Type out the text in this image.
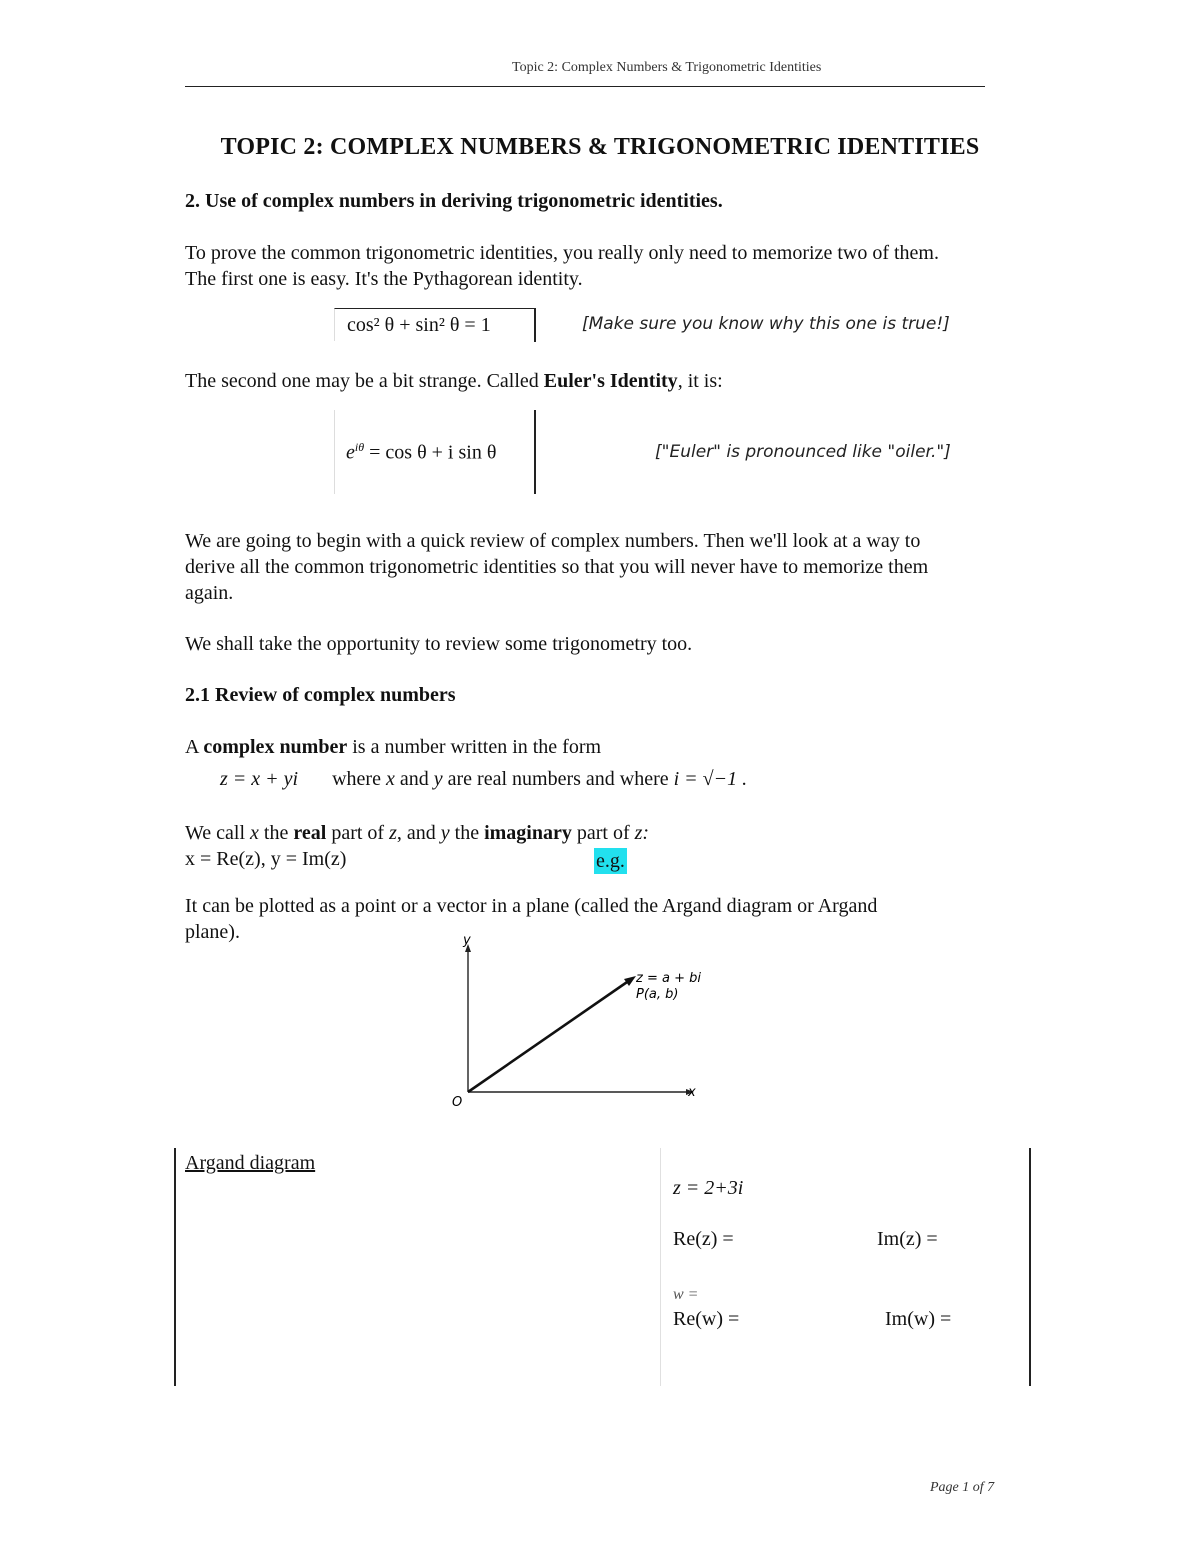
Topic 2: Complex Numbers & Trigonometric Identities
TOPIC 2: COMPLEX NUMBERS & TRIGONOMETRIC IDENTITIES
2. Use of complex numbers in deriving trigonometric identities.
To prove the common trigonometric identities, you really only need to memorize two of them.
The first one is easy. It's the Pythagorean identity.
cos² θ + sin² θ = 1	[Make sure you know why this one is true!]
The second one may be a bit strange. Called Euler's Identity, it is:
$e^{i\theta} = \cos \theta + i$ sin θ	["Euler" is pronounced like "oiler."]
We are going to begin with a quick review of complex numbers. Then we'll look at a way to
derive all the common trigonometric identities so that you will never have to memorize them
again.
We shall take the opportunity to review some trigonometry too.
2.1 Review of complex numbers
A complex number is a number written in the form
z = x + yi where x and y are real numbers and where i = √−1 .
We call x the real part of z, and y the imaginary part of z:
x = Re(z), y = Im(z)	e.g.
It can be plotted as a point or a vector in a plane (called the Argand diagram or Argand
plane).	y
x
O
z = a + bi
P(a, b)
Argand diagram
z = 2+3i
Re(z) =	Im(z) =
w =
Re(w) =	Im(w) =
Page 1 of 7
